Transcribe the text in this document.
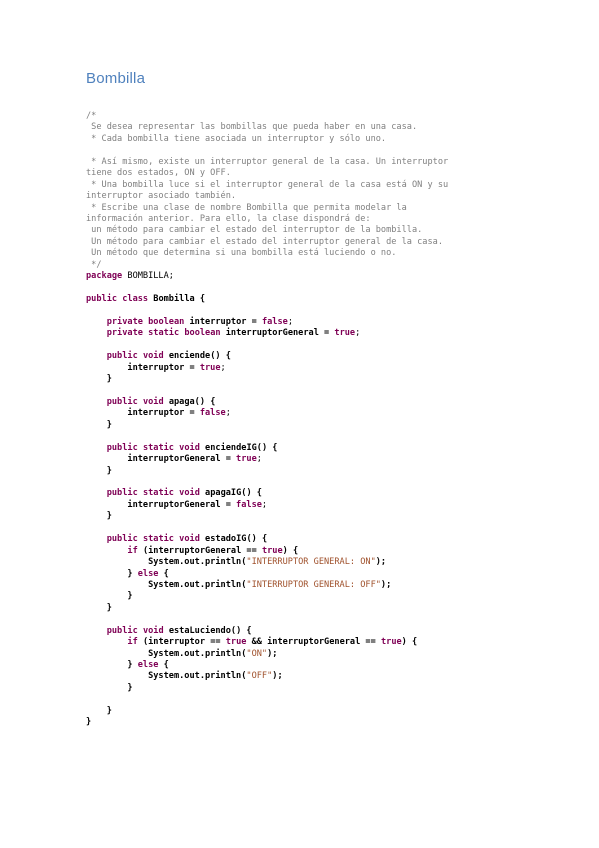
Bombilla
/*
Se desea representar las bombillas que pueda haber en una casa.
* Cada bombilla tiene asociada un interruptor y sólo uno.

* Así mismo, existe un interruptor general de la casa. Un interruptor
tiene dos estados, ON y OFF.
* Una bombilla luce si el interruptor general de la casa está ON y su
interruptor asociado también.
* Escribe una clase de nombre Bombilla que permita modelar la
información anterior. Para ello, la clase dispondrá de:
un método para cambiar el estado del interruptor de la bombilla.
Un método para cambiar el estado del interruptor general de la casa.
Un método que determina si una bombilla está luciendo o no.
*/
package BOMBILLA;

public class Bombilla {

private boolean interruptor = false;
private static boolean interruptorGeneral = true;

public void enciende() {
interruptor = true;
}

public void apaga() {
interruptor = false;
}

public static void enciendeIG() {
interruptorGeneral = true;
}

public static void apagaIG() {
interruptorGeneral = false;
}

public static void estadoIG() {
if (interruptorGeneral == true) {
System.out.println("INTERRUPTOR GENERAL: ON");
} else {
System.out.println("INTERRUPTOR GENERAL: OFF");
}
}

public void estaLuciendo() {
if (interruptor == true && interruptorGeneral == true) {
System.out.println("ON");
} else {
System.out.println("OFF");
}

}
}
